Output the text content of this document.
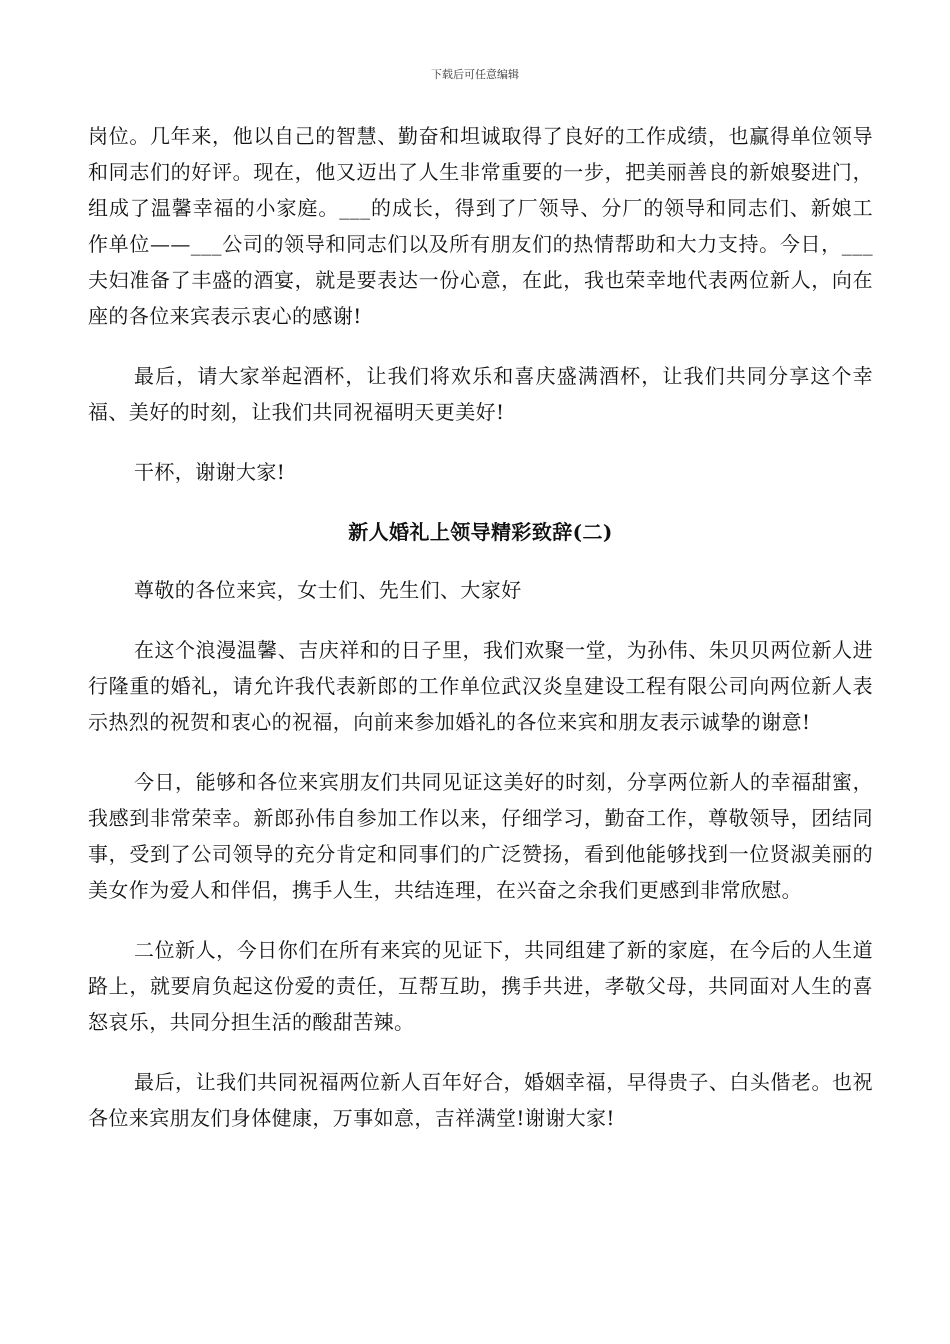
下载后可任意编辑

岗位。几年来，他以自己的智慧、勤奋和坦诚取得了良好的工作成绩，也赢得单位领导和同志们的好评。现在，他又迈出了人生非常重要的一步，把美丽善良的新娘娶进门，组成了温馨幸福的小家庭。___的成长，得到了厂领导、分厂的领导和同志们、新娘工作单位——___公司的领导和同志们以及所有朋友们的热情帮助和大力支持。今日，___夫妇准备了丰盛的酒宴，就是要表达一份心意，在此，我也荣幸地代表两位新人，向在座的各位来宾表示衷心的感谢!

最后，请大家举起酒杯，让我们将欢乐和喜庆盛满酒杯，让我们共同分享这个幸福、美好的时刻，让我们共同祝福明天更美好!

干杯，谢谢大家!

新人婚礼上领导精彩致辞(二)

尊敬的各位来宾，女士们、先生们、大家好

在这个浪漫温馨、吉庆祥和的日子里，我们欢聚一堂，为孙伟、朱贝贝两位新人进行隆重的婚礼，请允许我代表新郎的工作单位武汉炎皇建设工程有限公司向两位新人表示热烈的祝贺和衷心的祝福，向前来参加婚礼的各位来宾和朋友表示诚挚的谢意!

今日，能够和各位来宾朋友们共同见证这美好的时刻，分享两位新人的幸福甜蜜，我感到非常荣幸。新郎孙伟自参加工作以来，仔细学习，勤奋工作，尊敬领导，团结同事，受到了公司领导的充分肯定和同事们的广泛赞扬，看到他能够找到一位贤淑美丽的美女作为爱人和伴侣，携手人生，共结连理，在兴奋之余我们更感到非常欣慰。

二位新人，今日你们在所有来宾的见证下，共同组建了新的家庭，在今后的人生道路上，就要肩负起这份爱的责任，互帮互助，携手共进，孝敬父母，共同面对人生的喜怒哀乐，共同分担生活的酸甜苦辣。

最后，让我们共同祝福两位新人百年好合，婚姻幸福，早得贵子、白头偕老。也祝各位来宾朋友们身体健康，万事如意，吉祥满堂!谢谢大家!
